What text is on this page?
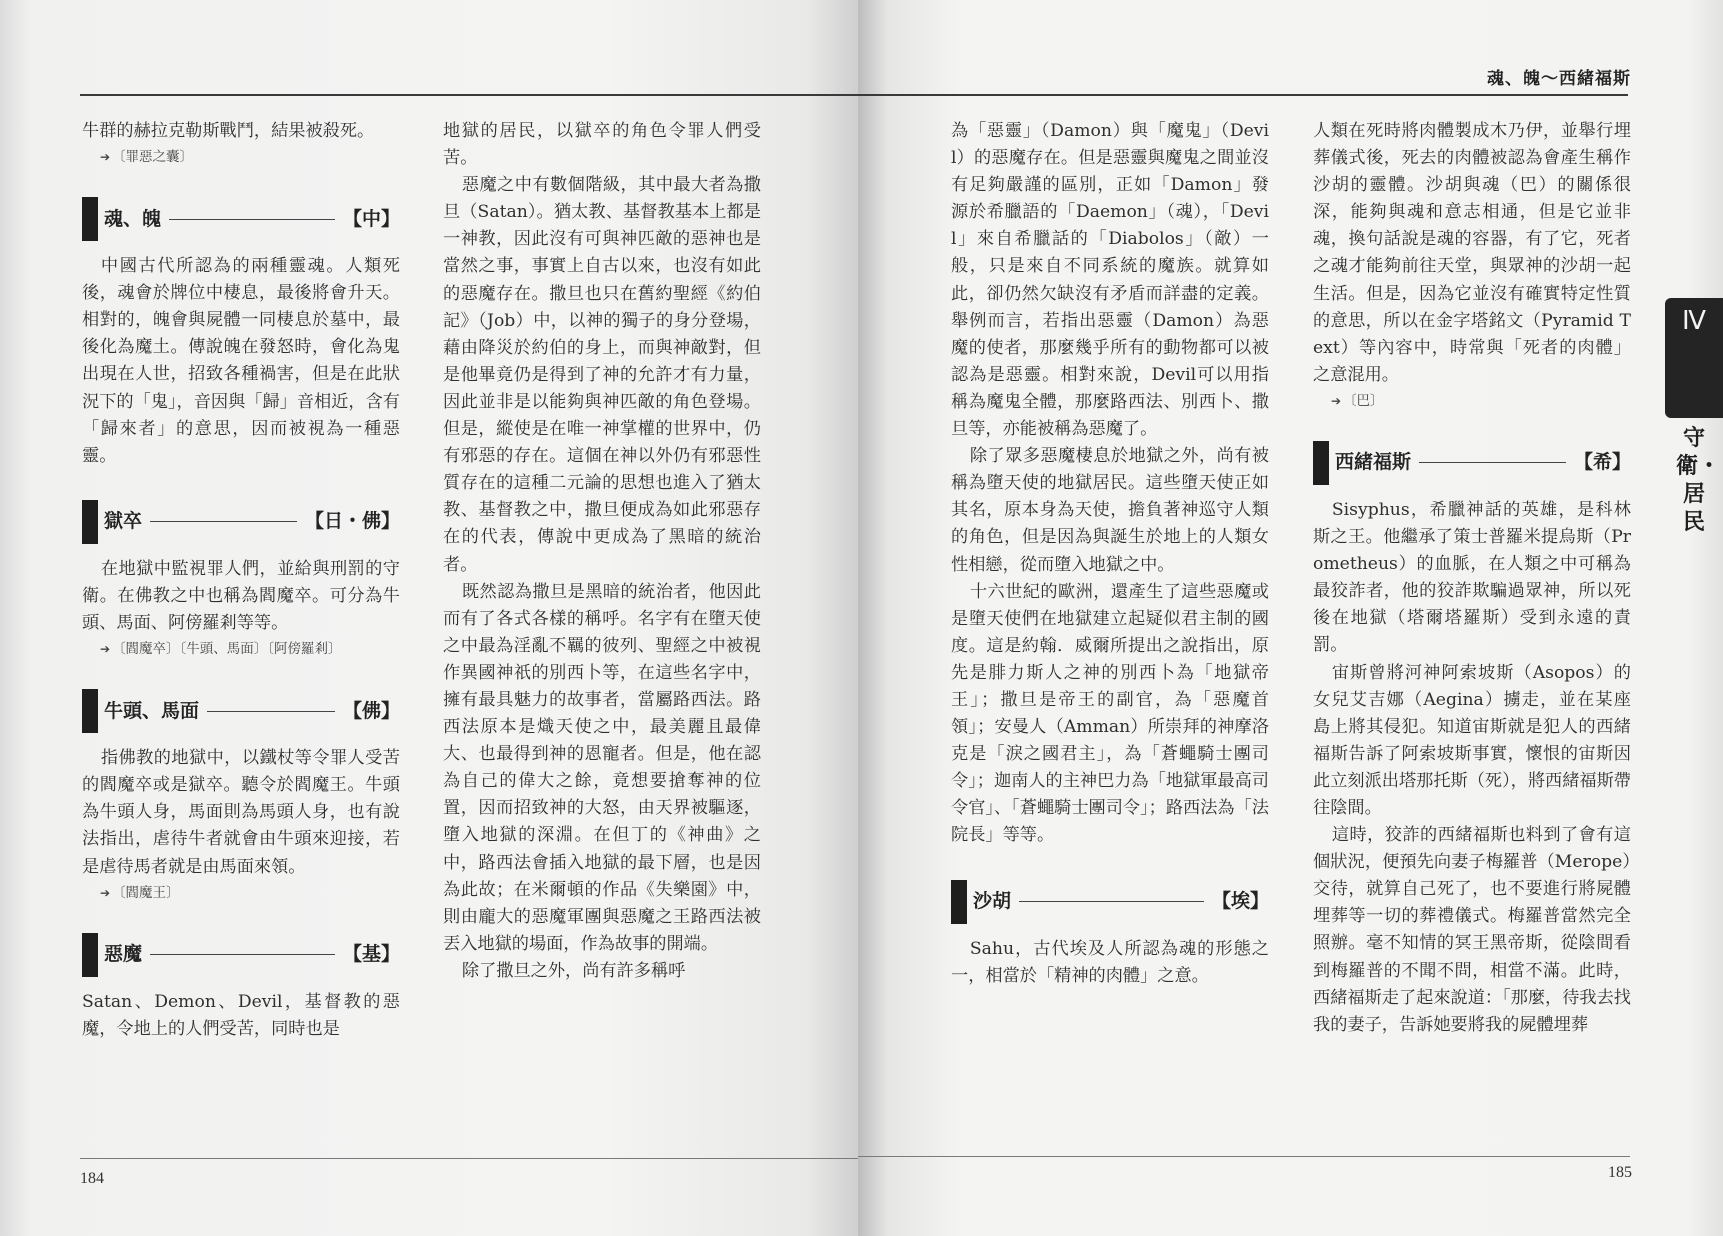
牛群的赫拉克勒斯戰鬥，結果被殺死。

➔ 〔罪惡之囊〕
魂、魄	【中】

中國古代所認為的兩種靈魂。人類死後，魂會於牌位中棲息，最後將會升天。相對的，魄會與屍體一同棲息於墓中，最後化為魔土。傳說魄在發怒時，會化為鬼出現在人世，招致各種禍害，但是在此狀況下的「鬼」，音因與「歸」音相近，含有「歸來者」的意思，因而被視為一種惡靈。

獄卒	【日・佛】

在地獄中監視罪人們，並給與刑罰的守衛。在佛教之中也稱為閻魔卒。可分為牛頭、馬面、阿傍羅剎等等。

➔ 〔閻魔卒〕〔牛頭、馬面〕〔阿傍羅剎〕
牛頭、馬面	【佛】

指佛教的地獄中，以鐵杖等令罪人受苦的閻魔卒或是獄卒。聽令於閻魔王。牛頭為牛頭人身，馬面則為馬頭人身，也有說法指出，虐待牛者就會由牛頭來迎接，若是虐待馬者就是由馬面來領。

➔ 〔閻魔王〕
惡魔	【基】

Satan、Demon、Devil，基督教的惡魔，令地上的人們受苦，同時也是

地獄的居民，以獄卒的角色令罪人們受苦。

惡魔之中有數個階級，其中最大者為撒旦（Satan）。猶太教、基督教基本上都是一神教，因此沒有可與神匹敵的惡神也是當然之事，事實上自古以來，也沒有如此的惡魔存在。撒旦也只在舊約聖經《約伯記》（Job）中，以神的獨子的身分登場，藉由降災於約伯的身上，而與神敵對，但是他畢竟仍是得到了神的允許才有力量，因此並非是以能夠與神匹敵的角色登場。但是，縱使是在唯一神掌權的世界中，仍有邪惡的存在。這個在神以外仍有邪惡性質存在的這種二元論的思想也進入了猶太教、基督教之中，撒旦便成為如此邪惡存在的代表，傳說中更成為了黑暗的統治者。

既然認為撒旦是黑暗的統治者，他因此而有了各式各樣的稱呼。名字有在墮天使之中最為淫亂不羈的彼列、聖經之中被視作異國神祇的別西卜等，在這些名字中，擁有最具魅力的故事者，當屬路西法。路西法原本是熾天使之中，最美麗且最偉大、也最得到神的恩寵者。但是，他在認為自己的偉大之餘，竟想要搶奪神的位置，因而招致神的大怒，由天界被驅逐，墮入地獄的深淵。在但丁的《神曲》之中，路西法會插入地獄的最下層，也是因為此故；在米爾頓的作品《失樂園》中，則由龐大的惡魔軍團與惡魔之王路西法被丟入地獄的場面，作為故事的開端。

除了撒旦之外，尚有許多稱呼

184
魂、魄～西緒福斯

為「惡靈」（Damon）與「魔鬼」（Devil）的惡魔存在。但是惡靈與魔鬼之間並沒有足夠嚴謹的區別，正如「Damon」發源於希臘語的「Daemon」（魂），「Devil」來自希臘話的「Diabolos」（敵）一般，只是來自不同系統的魔族。就算如此，卻仍然欠缺沒有矛盾而詳盡的定義。舉例而言，若指出惡靈（Damon）為惡魔的使者，那麼幾乎所有的動物都可以被認為是惡靈。相對來說，Devil可以用指稱為魔鬼全體，那麼路西法、別西卜、撒旦等，亦能被稱為惡魔了。

除了眾多惡魔棲息於地獄之外，尚有被稱為墮天使的地獄居民。這些墮天使正如其名，原本身為天使，擔負著神巡守人類的角色，但是因為與誕生於地上的人類女性相戀，從而墮入地獄之中。

十六世紀的歐洲，還產生了這些惡魔或是墮天使們在地獄建立起疑似君主制的國度。這是約翰．威爾所提出之說指出，原先是腓力斯人之神的別西卜為「地獄帝王」；撒旦是帝王的副官，為「惡魔首領」；安曼人（Amman）所崇拜的神摩洛克是「淚之國君主」，為「蒼蠅騎士團司令」；迦南人的主神巴力為「地獄軍最高司令官」、「蒼蠅騎士團司令」；路西法為「法院長」等等。

沙胡	【埃】

Sahu，古代埃及人所認為魂的形態之一，相當於「精神的肉體」之意。

人類在死時將肉體製成木乃伊，並舉行埋葬儀式後，死去的肉體被認為會產生稱作沙胡的靈體。沙胡與魂（巴）的關係很深，能夠與魂和意志相通，但是它並非魂，換句話說是魂的容器，有了它，死者之魂才能夠前往天堂，與眾神的沙胡一起生活。但是，因為它並沒有確實特定性質的意思，所以在金字塔銘文（Pyramid Text）等內容中，時常與「死者的肉體」之意混用。

➔ 〔巴〕
西緒福斯	【希】

Sisyphus，希臘神話的英雄，是科林斯之王。他繼承了策士普羅米提烏斯（Prometheus）的血脈，在人類之中可稱為最狡詐者，他的狡詐欺騙過眾神，所以死後在地獄（塔爾塔羅斯）受到永遠的責罰。

宙斯曾將河神阿索坡斯（Asopos）的女兒艾吉娜（Aegina）擄走，並在某座島上將其侵犯。知道宙斯就是犯人的西緒福斯告訴了阿索坡斯事實，懷恨的宙斯因此立刻派出塔那托斯（死），將西緒福斯帶往陰間。

這時，狡詐的西緒福斯也料到了會有這個狀況，便預先向妻子梅羅普（Merope）交待，就算自己死了，也不要進行將屍體埋葬等一切的葬禮儀式。梅羅普當然完全照辦。毫不知情的冥王黑帝斯，從陰間看到梅羅普的不聞不問，相當不滿。此時，西緒福斯走了起來說道：「那麼，待我去找我的妻子，告訴她要將我的屍體埋葬

Ⅳ
守衛・居民
185
